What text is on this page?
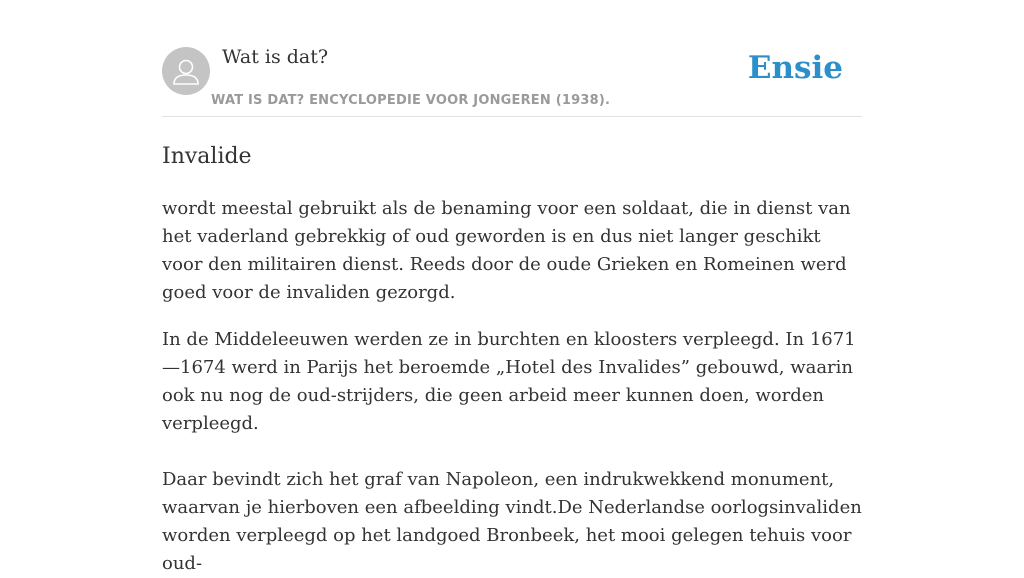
Wat is dat?
WAT IS DAT? ENCYCLOPEDIE VOOR JONGEREN (1938).
Ensie
Invalide

wordt meestal gebruikt als de benaming voor een soldaat, die in dienst van het vaderland gebrekkig of oud geworden is en dus niet langer geschikt voor den militairen dienst. Reeds door de oude Grieken en Romeinen werd goed voor de invaliden gezorgd.

In de Middeleeuwen werden ze in burchten en kloosters verpleegd. In 1671—1674 werd in Parijs het beroemde „Hotel des Invalides” gebouwd, waarin ook nu nog de oud-strijders, die geen arbeid meer kunnen doen, worden verpleegd.

Daar bevindt zich het graf van Napoleon, een indrukwekkend monument, waarvan je hierboven een afbeelding vindt.De Nederlandse oorlogsinvaliden worden verpleegd op het landgoed Bronbeek, het mooi gelegen tehuis voor oud-
